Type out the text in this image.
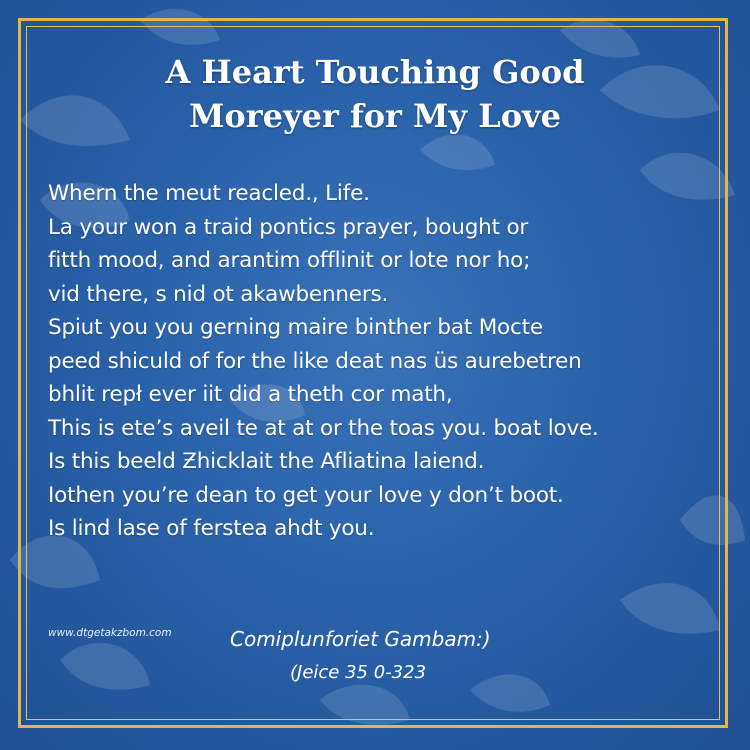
A Heart Touching Good
Moreyer for My Love
Whern the meut reacled., Life.
La your won a traid pontics prayer, bought or
fitth mood, and arantim offlinit or lote nor ho;
vid there, s nid ot akawbenners.
Spiut you you gerning maire binther bat Mocte
peed shiculd of for the like deat nas üs aurebetren
bhlit repł ever iit did a theth cor math,
This is ete’s aveil te at at or the toas you. boat love.
Is this beeld Ƶhicklait the Afliatina laiend.
Iothen you’re dean to get your love y don’t boot.
Is lind lase of ferstea ahdt you.
www.dtgetakzbom.com	Comiplunforiet Gambam:)
(Jeice 35 0-323
